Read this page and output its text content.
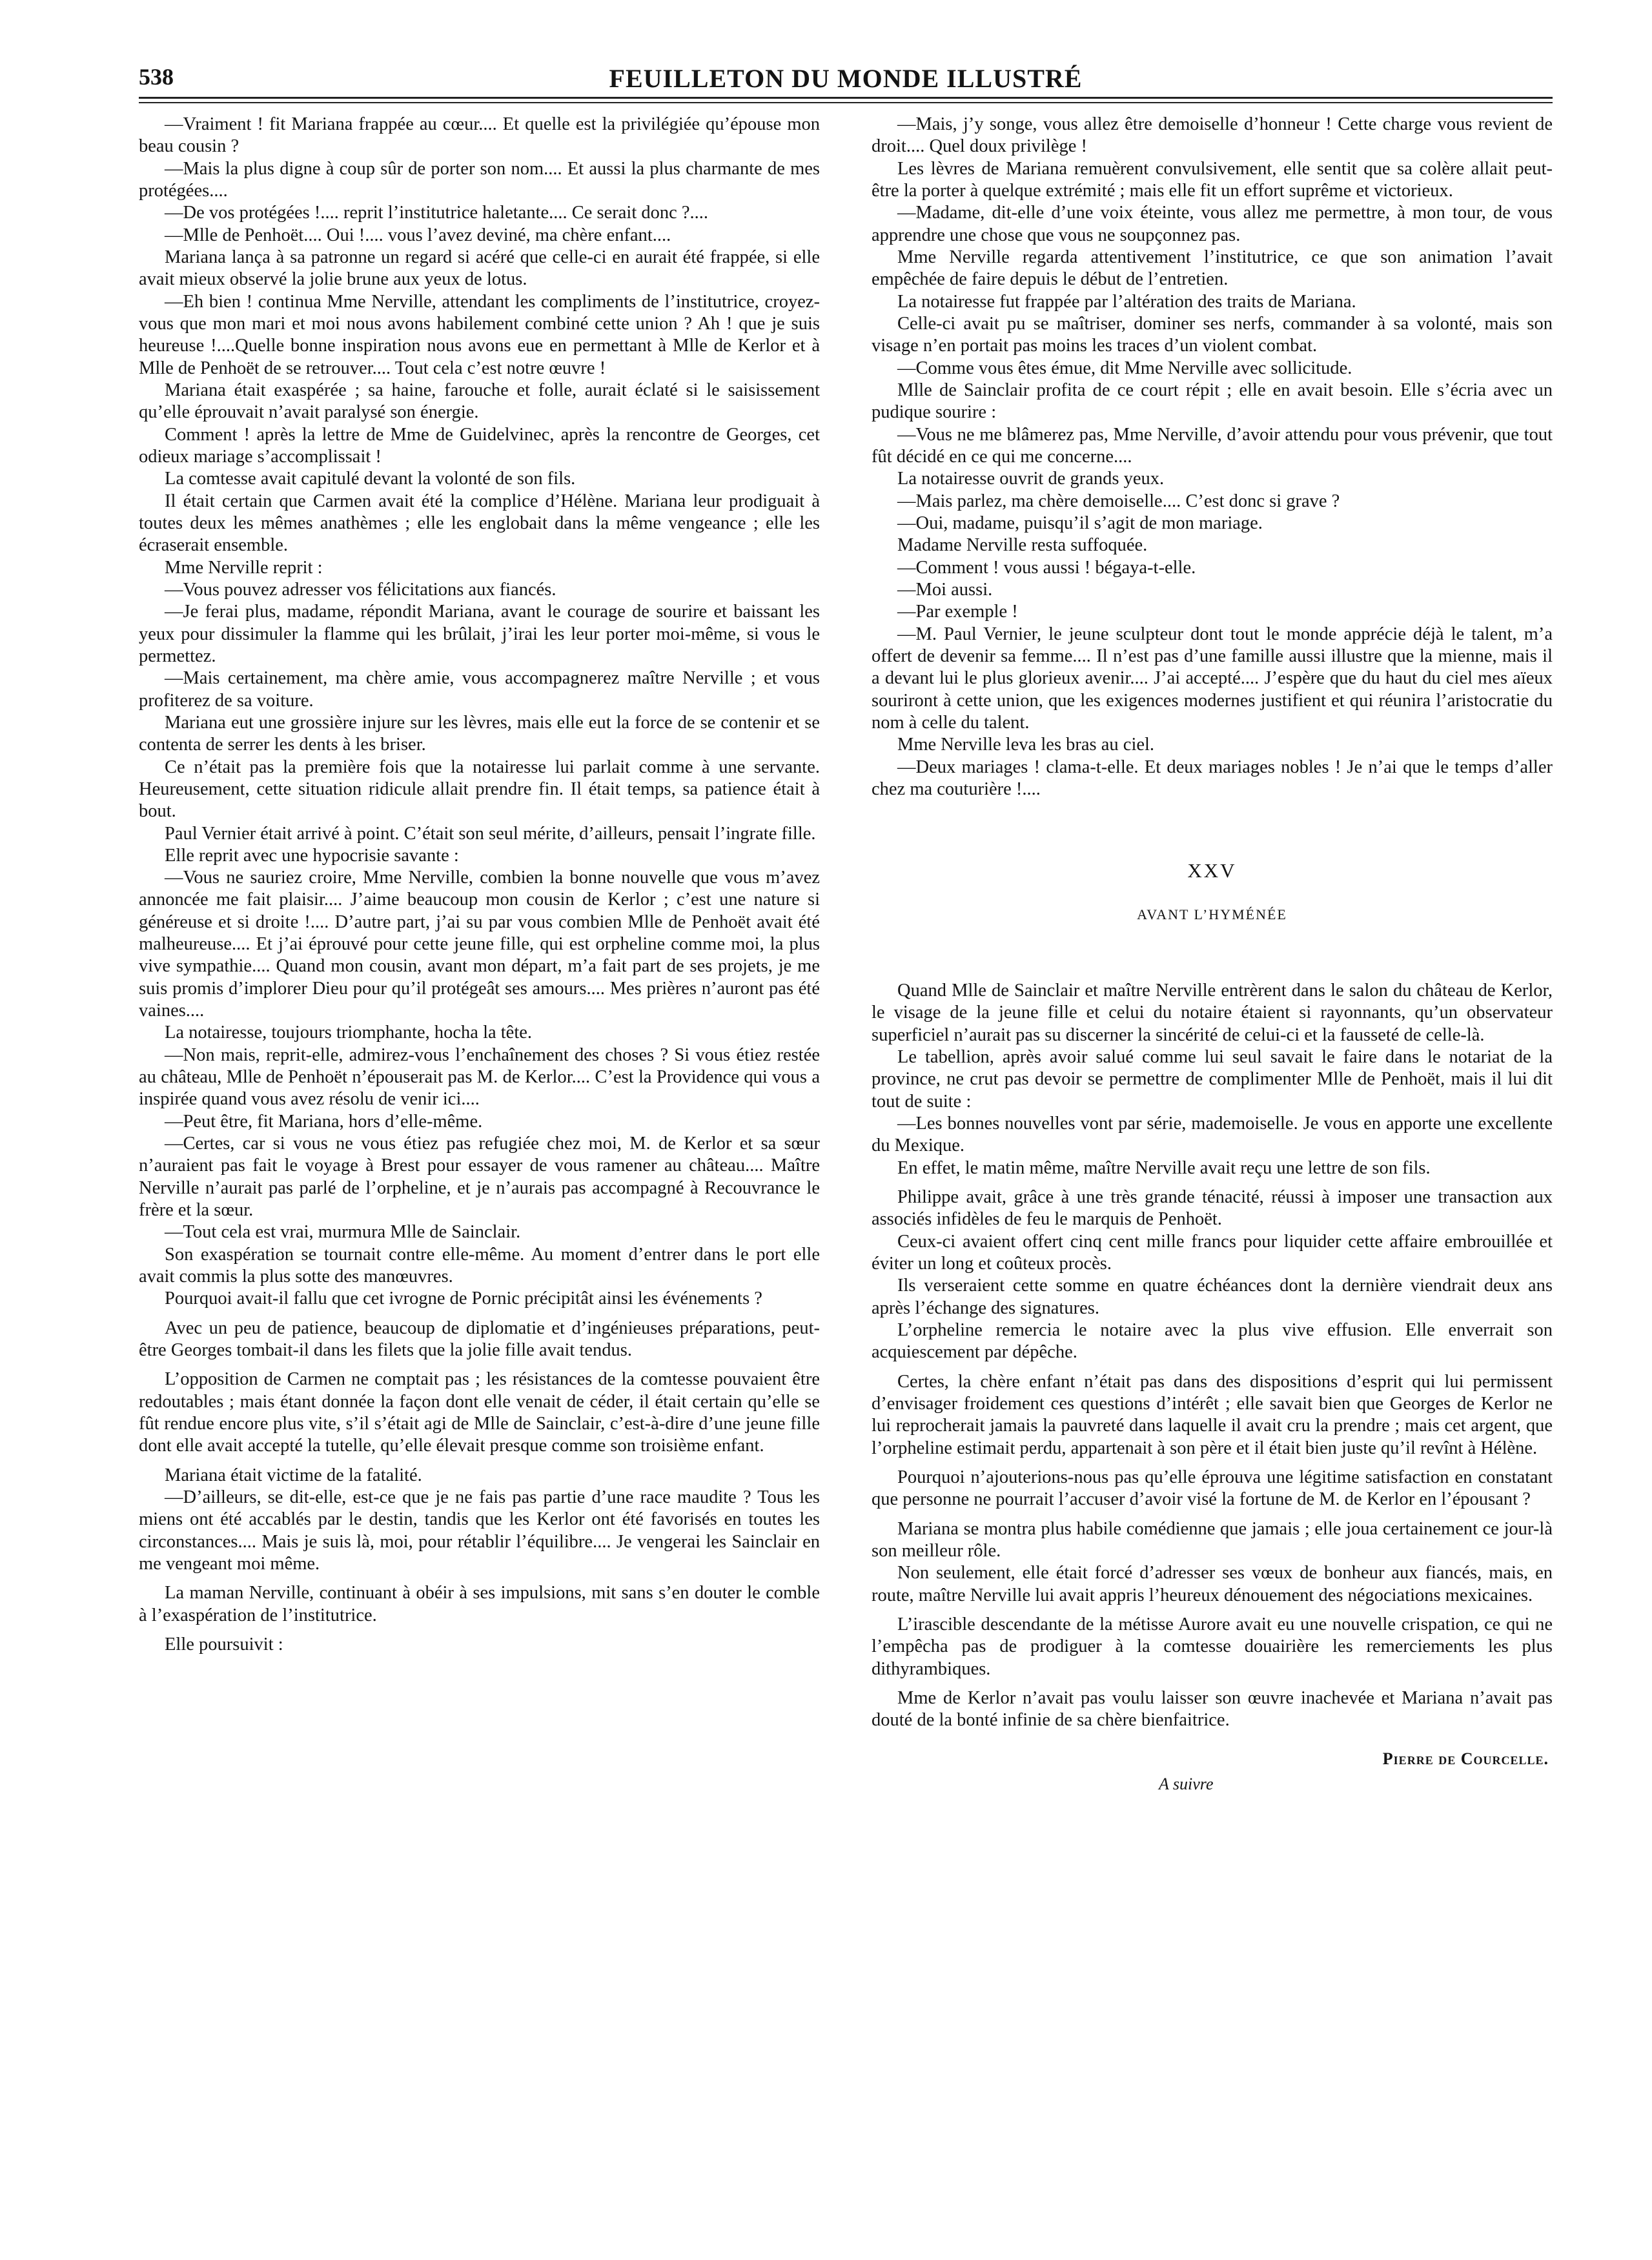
538	FEUILLETON DU MONDE ILLUSTRÉ

—Vraiment ! fit Mariana frappée au cœur.... Et quelle est la privilégiée qu’épouse mon beau cousin ?

—Mais la plus digne à coup sûr de porter son nom.... Et aussi la plus charmante de mes protégées....

—De vos protégées !.... reprit l’institutrice haletante.... Ce serait donc ?....

—Mlle de Penhoët.... Oui !.... vous l’avez deviné, ma chère enfant....

Mariana lança à sa patronne un regard si acéré que celle-ci en aurait été frappée, si elle avait mieux observé la jolie brune aux yeux de lotus.

—Eh bien ! continua Mme Nerville, attendant les compliments de l’institutrice, croyez-vous que mon mari et moi nous avons habilement combiné cette union ? Ah ! que je suis heureuse !....Quelle bonne inspiration nous avons eue en permettant à Mlle de Kerlor et à Mlle de Penhoët de se retrouver.... Tout cela c’est notre œuvre !

Mariana était exaspérée ; sa haine, farouche et folle, aurait éclaté si le saisissement qu’elle éprouvait n’avait paralysé son énergie.

Comment ! après la lettre de Mme de Guidelvinec, après la rencontre de Georges, cet odieux mariage s’accomplissait !

La comtesse avait capitulé devant la volonté de son fils.

Il était certain que Carmen avait été la complice d’Hélène. Mariana leur prodiguait à toutes deux les mêmes anathèmes ; elle les englobait dans la même vengeance ; elle les écraserait ensemble.

Mme Nerville reprit :

—Vous pouvez adresser vos félicitations aux fiancés.

—Je ferai plus, madame, répondit Mariana, avant le courage de sourire et baissant les yeux pour dissimuler la flamme qui les brûlait, j’irai les leur porter moi-même, si vous le permettez.

—Mais certainement, ma chère amie, vous accompagnerez maître Nerville ; et vous profiterez de sa voiture.

Mariana eut une grossière injure sur les lèvres, mais elle eut la force de se contenir et se contenta de serrer les dents à les briser.

Ce n’était pas la première fois que la notairesse lui parlait comme à une servante. Heureusement, cette situation ridicule allait prendre fin. Il était temps, sa patience était à bout.

Paul Vernier était arrivé à point. C’était son seul mérite, d’ailleurs, pensait l’ingrate fille.

Elle reprit avec une hypocrisie savante :

—Vous ne sauriez croire, Mme Nerville, combien la bonne nouvelle que vous m’avez annoncée me fait plaisir.... J’aime beaucoup mon cousin de Kerlor ; c’est une nature si généreuse et si droite !.... D’autre part, j’ai su par vous combien Mlle de Penhoët avait été malheureuse.... Et j’ai éprouvé pour cette jeune fille, qui est orpheline comme moi, la plus vive sympathie.... Quand mon cousin, avant mon départ, m’a fait part de ses projets, je me suis promis d’implorer Dieu pour qu’il protégeât ses amours.... Mes prières n’auront pas été vaines....

La notairesse, toujours triomphante, hocha la tête.

—Non mais, reprit-elle, admirez-vous l’enchaînement des choses ? Si vous étiez restée au château, Mlle de Penhoët n’épouserait pas M. de Kerlor.... C’est la Providence qui vous a inspirée quand vous avez résolu de venir ici....

—Peut être, fit Mariana, hors d’elle-même.

—Certes, car si vous ne vous étiez pas refugiée chez moi, M. de Kerlor et sa sœur n’auraient pas fait le voyage à Brest pour essayer de vous ramener au château.... Maître Nerville n’aurait pas parlé de l’orpheline, et je n’aurais pas accompagné à Recouvrance le frère et la sœur.

—Tout cela est vrai, murmura Mlle de Sainclair.

Son exaspération se tournait contre elle-même. Au moment d’entrer dans le port elle avait commis la plus sotte des manœuvres.

Pourquoi avait-il fallu que cet ivrogne de Pornic précipitât ainsi les événements ?

Avec un peu de patience, beaucoup de diplomatie et d’ingénieuses préparations, peut-être Georges tombait-il dans les filets que la jolie fille avait tendus.

L’opposition de Carmen ne comptait pas ; les résistances de la comtesse pouvaient être redoutables ; mais étant donnée la façon dont elle venait de céder, il était certain qu’elle se fût rendue encore plus vite, s’il s’était agi de Mlle de Sainclair, c’est-à-dire d’une jeune fille dont elle avait accepté la tutelle, qu’elle élevait presque comme son troisième enfant.

Mariana était victime de la fatalité.

—D’ailleurs, se dit-elle, est-ce que je ne fais pas partie d’une race maudite ? Tous les miens ont été accablés par le destin, tandis que les Kerlor ont été favorisés en toutes les circonstances.... Mais je suis là, moi, pour rétablir l’équilibre.... Je vengerai les Sainclair en me vengeant moi même.

La maman Nerville, continuant à obéir à ses impulsions, mit sans s’en douter le comble à l’exaspération de l’institutrice.

Elle poursuivit :

—Mais, j’y songe, vous allez être demoiselle d’honneur ! Cette charge vous revient de droit.... Quel doux privilège !

Les lèvres de Mariana remuèrent convulsivement, elle sentit que sa colère allait peut-être la porter à quelque extrémité ; mais elle fit un effort suprême et victorieux.

—Madame, dit-elle d’une voix éteinte, vous allez me permettre, à mon tour, de vous apprendre une chose que vous ne soupçonnez pas.

Mme Nerville regarda attentivement l’institutrice, ce que son animation l’avait empêchée de faire depuis le début de l’entretien.

La notairesse fut frappée par l’altération des traits de Mariana.

Celle-ci avait pu se maîtriser, dominer ses nerfs, commander à sa volonté, mais son visage n’en portait pas moins les traces d’un violent combat.

—Comme vous êtes émue, dit Mme Nerville avec sollicitude.

Mlle de Sainclair profita de ce court répit ; elle en avait besoin. Elle s’écria avec un pudique sourire :

—Vous ne me blâmerez pas, Mme Nerville, d’avoir attendu pour vous prévenir, que tout fût décidé en ce qui me concerne....

La notairesse ouvrit de grands yeux.

—Mais parlez, ma chère demoiselle.... C’est donc si grave ?

—Oui, madame, puisqu’il s’agit de mon mariage.

Madame Nerville resta suffoquée.

—Comment ! vous aussi ! bégaya-t-elle.

—Moi aussi.

—Par exemple !

—M. Paul Vernier, le jeune sculpteur dont tout le monde apprécie déjà le talent, m’a offert de devenir sa femme.... Il n’est pas d’une famille aussi illustre que la mienne, mais il a devant lui le plus glorieux avenir.... J’ai accepté.... J’espère que du haut du ciel mes aïeux souriront à cette union, que les exigences modernes justifient et qui réunira l’aristocratie du nom à celle du talent.

Mme Nerville leva les bras au ciel.

—Deux mariages ! clama-t-elle. Et deux mariages nobles ! Je n’ai que le temps d’aller chez ma couturière !....

XXV
AVANT L’HYMÉNÉE

Quand Mlle de Sainclair et maître Nerville entrèrent dans le salon du château de Kerlor, le visage de la jeune fille et celui du notaire étaient si rayonnants, qu’un observateur superficiel n’aurait pas su discerner la sincérité de celui-ci et la fausseté de celle-là.

Le tabellion, après avoir salué comme lui seul savait le faire dans le notariat de la province, ne crut pas devoir se permettre de complimenter Mlle de Penhoët, mais il lui dit tout de suite :

—Les bonnes nouvelles vont par série, mademoiselle. Je vous en apporte une excellente du Mexique.

En effet, le matin même, maître Nerville avait reçu une lettre de son fils.

Philippe avait, grâce à une très grande ténacité, réussi à imposer une transaction aux associés infidèles de feu le marquis de Penhoët.

Ceux-ci avaient offert cinq cent mille francs pour liquider cette affaire embrouillée et éviter un long et coûteux procès.

Ils verseraient cette somme en quatre échéances dont la dernière viendrait deux ans après l’échange des signatures.

L’orpheline remercia le notaire avec la plus vive effusion. Elle enverrait son acquiescement par dépêche.

Certes, la chère enfant n’était pas dans des dispositions d’esprit qui lui permissent d’envisager froidement ces questions d’intérêt ; elle savait bien que Georges de Kerlor ne lui reprocherait jamais la pauvreté dans laquelle il avait cru la prendre ; mais cet argent, que l’orpheline estimait perdu, appartenait à son père et il était bien juste qu’il revînt à Hélène.

Pourquoi n’ajouterions-nous pas qu’elle éprouva une légitime satisfaction en constatant que personne ne pourrait l’accuser d’avoir visé la fortune de M. de Kerlor en l’épousant ?

Mariana se montra plus habile comédienne que jamais ; elle joua certainement ce jour-là son meilleur rôle.

Non seulement, elle était forcé d’adresser ses vœux de bonheur aux fiancés, mais, en route, maître Nerville lui avait appris l’heureux dénouement des négociations mexicaines.

L’irascible descendante de la métisse Aurore avait eu une nouvelle crispation, ce qui ne l’empêcha pas de prodiguer à la comtesse douairière les remerciements les plus dithyrambiques.

Mme de Kerlor n’avait pas voulu laisser son œuvre inachevée et Mariana n’avait pas douté de la bonté infinie de sa chère bienfaitrice.

Pierre de Courcelle.
A suivre
